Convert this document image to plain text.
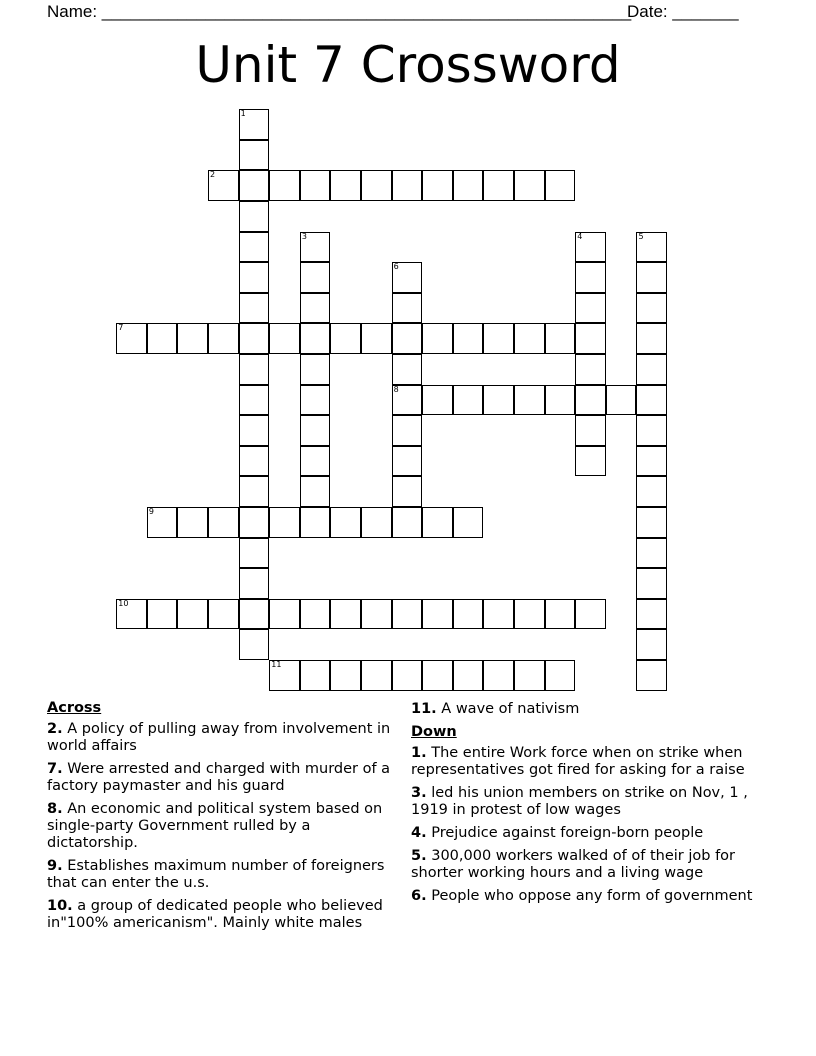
Name: ________________________________________________________
Date: _______
Unit 7 Crossword
1
2
3	4	5
6
8
7
9
10
11
Across
2. A policy of pulling away from involvement in world affairs
7. Were arrested and charged with murder of a factory paymaster and his guard
8. An economic and political system based on single-party Government rulled by a dictatorship.
9. Establishes maximum number of foreigners that can enter the u.s.
10. a group of dedicated people who believed in"100% americanism". Mainly white males
11. A wave of nativism
Down
1. The entire Work force when on strike when representatives got fired for asking for a raise
3. led his union members on strike on Nov, 1 , 1919 in protest of low wages
4. Prejudice against foreign-born people
5. 300,000 workers walked of of their job for shorter working hours and a living wage
6. People who oppose any form of government
